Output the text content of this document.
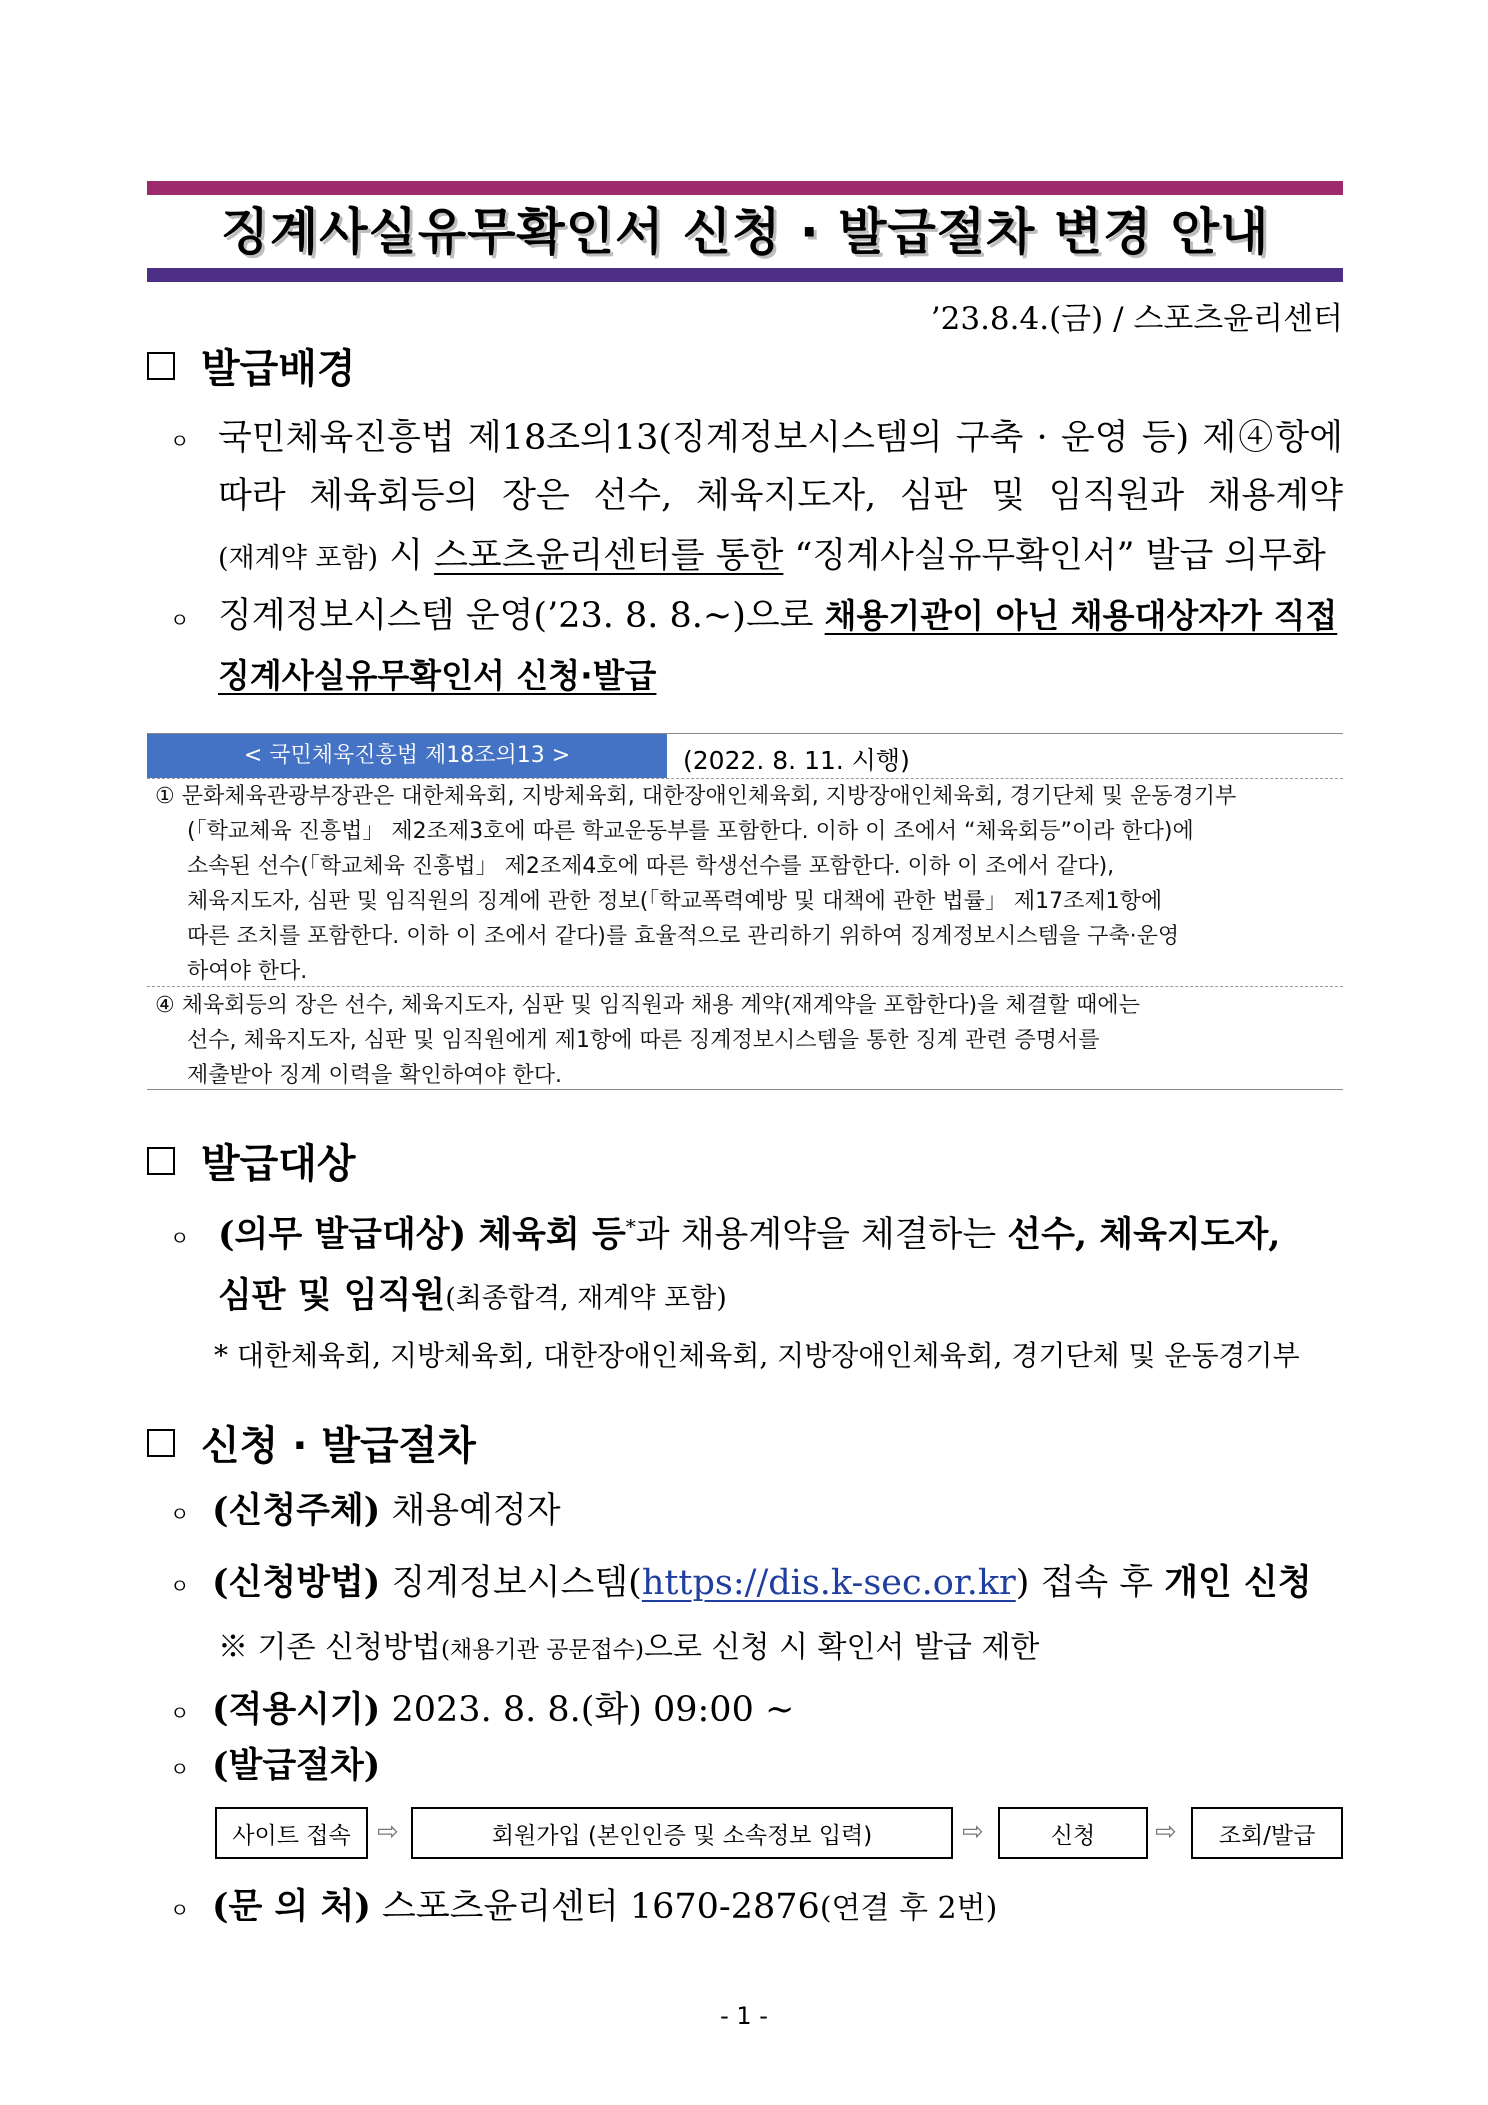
징계사실유무확인서 신청 · 발급절차 변경 안내
’23.8.4.(금) / 스포츠윤리센터
발급배경
ㅇ 국민체육진흥법 제18조의13(징계정보시스템의 구축 · 운영 등) 제④항에
따라 체육회등의 장은 선수, 체육지도자, 심판 및 임직원과 채용계약
(재계약 포함) 시 스포츠윤리센터를 통한 “징계사실유무확인서” 발급 의무화
ㅇ 징계정보시스템 운영(’23. 8. 8.~)으로 채용기관이 아닌 채용대상자가 직접
징계사실유무확인서 신청·발급
< 국민체육진흥법 제18조의13 >	(2022. 8. 11. 시행)
① 문화체육관광부장관은 대한체육회, 지방체육회, 대한장애인체육회, 지방장애인체육회, 경기단체 및 운동경기부
(「학교체육 진흥법」 제2조제3호에 따른 학교운동부를 포함한다. 이하 이 조에서 “체육회등”이라 한다)에
소속된 선수(「학교체육 진흥법」 제2조제4호에 따른 학생선수를 포함한다. 이하 이 조에서 같다),
체육지도자, 심판 및 임직원의 징계에 관한 정보(「학교폭력예방 및 대책에 관한 법률」 제17조제1항에
따른 조치를 포함한다. 이하 이 조에서 같다)를 효율적으로 관리하기 위하여 징계정보시스템을 구축·운영
하여야 한다.
④ 체육회등의 장은 선수, 체육지도자, 심판 및 임직원과 채용 계약(재계약을 포함한다)을 체결할 때에는
선수, 체육지도자, 심판 및 임직원에게 제1항에 따른 징계정보시스템을 통한 징계 관련 증명서를
제출받아 징계 이력을 확인하여야 한다.
발급대상
ㅇ (의무 발급대상) 체육회 등*과 채용계약을 체결하는 선수, 체육지도자,
심판 및 임직원(최종합격, 재계약 포함)
* 대한체육회, 지방체육회, 대한장애인체육회, 지방장애인체육회, 경기단체 및 운동경기부
신청 · 발급절차
ㅇ (신청주체) 채용예정자
ㅇ (신청방법) 징계정보시스템(https://dis.k-sec.or.kr) 접속 후 개인 신청
※ 기존 신청방법(채용기관 공문접수)으로 신청 시 확인서 발급 제한
ㅇ (적용시기) 2023. 8. 8.(화) 09:00 ~
ㅇ (발급절차)
사이트 접속	⇨	회원가입 (본인인증 및 소속정보 입력)	⇨	신청	⇨	조회/발급
ㅇ (문 의 처) 스포츠윤리센터 1670-2876(연결 후 2번)
- 1 -
